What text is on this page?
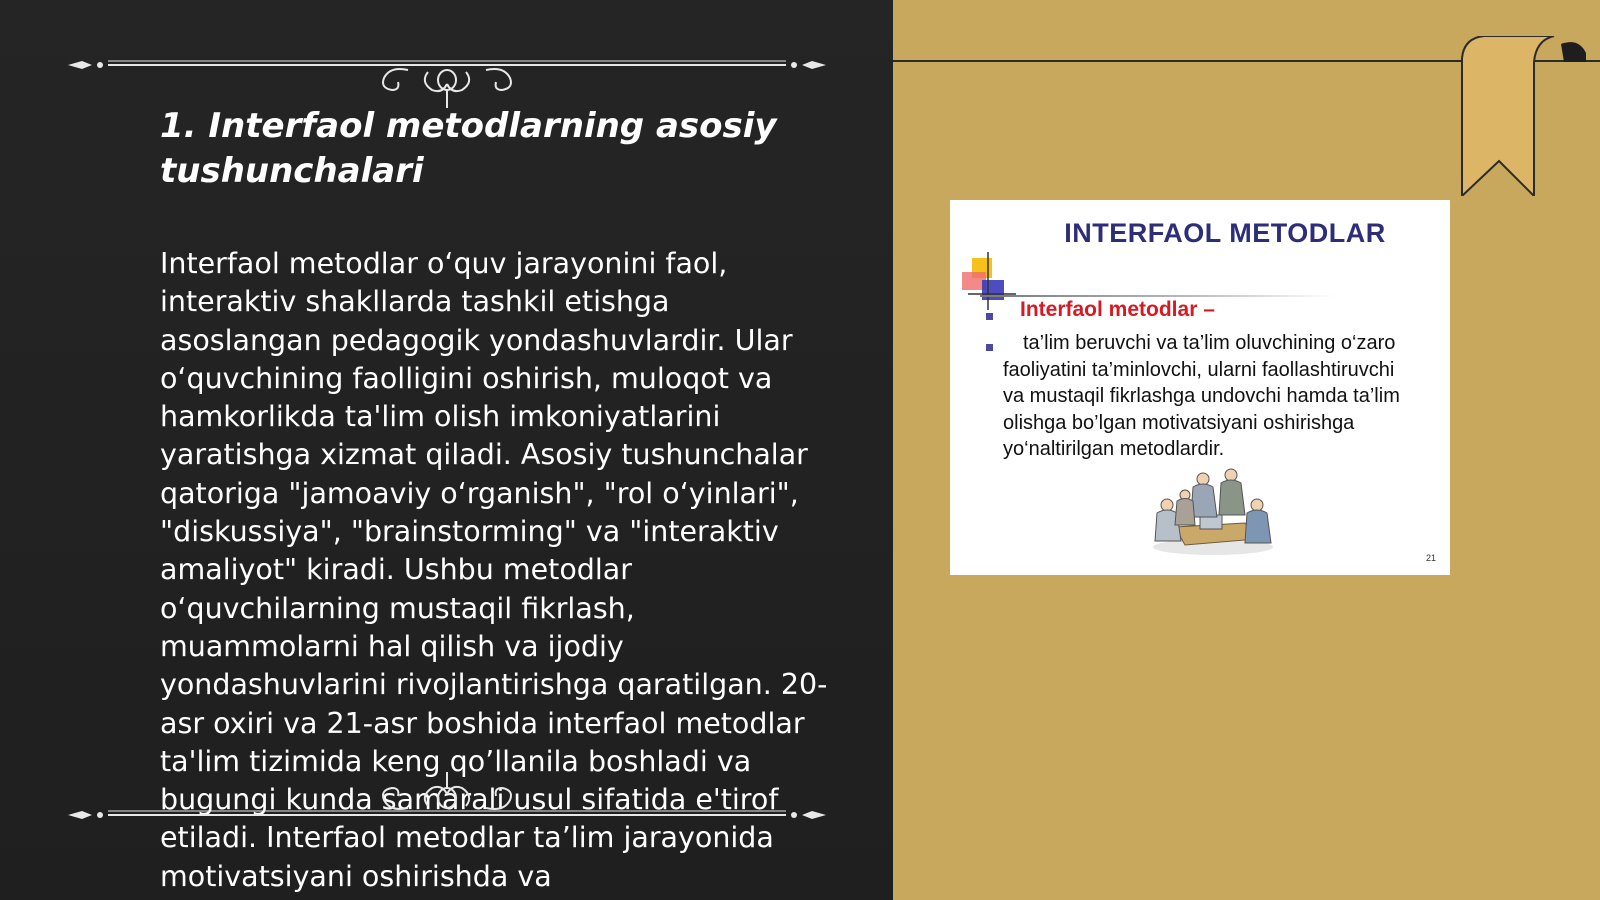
1. Interfaol metodlarning asosiy tushunchalari

Interfaol metodlar o‘quv jarayonini faol, interaktiv shakllarda tashkil etishga asoslangan pedagogik yondashuvlardir. Ular o‘quvchining faolligini oshirish, muloqot va hamkorlikda ta'lim olish imkoniyatlarini yaratishga xizmat qiladi. Asosiy tushunchalar qatoriga "jamoaviy o‘rganish", "rol o‘yinlari", "diskussiya", "brainstorming" va "interaktiv amaliyot" kiradi. Ushbu metodlar o‘quvchilarning mustaqil fikrlash, muammolarni hal qilish va ijodiy yondashuvlarini rivojlantirishga qaratilgan. 20-asr oxiri va 21-asr boshida interfaol metodlar ta'lim tizimida keng qo’llanila boshladi va bugungi kunda samarali usul sifatida e'tirof etiladi. Interfaol metodlar ta’lim jarayonida motivatsiyani oshirishda va

INTERFAOL METODLAR

Interfaol metodlar –

ta’lim beruvchi va ta’lim oluvchining o‘zaro faoliyatini ta’minlovchi, ularni faollashtiruvchi va mustaqil fikrlashga undovchi hamda ta’lim olishga bo’lgan motivatsiyani oshirishga yo‘naltirilgan metodlardir.

21
